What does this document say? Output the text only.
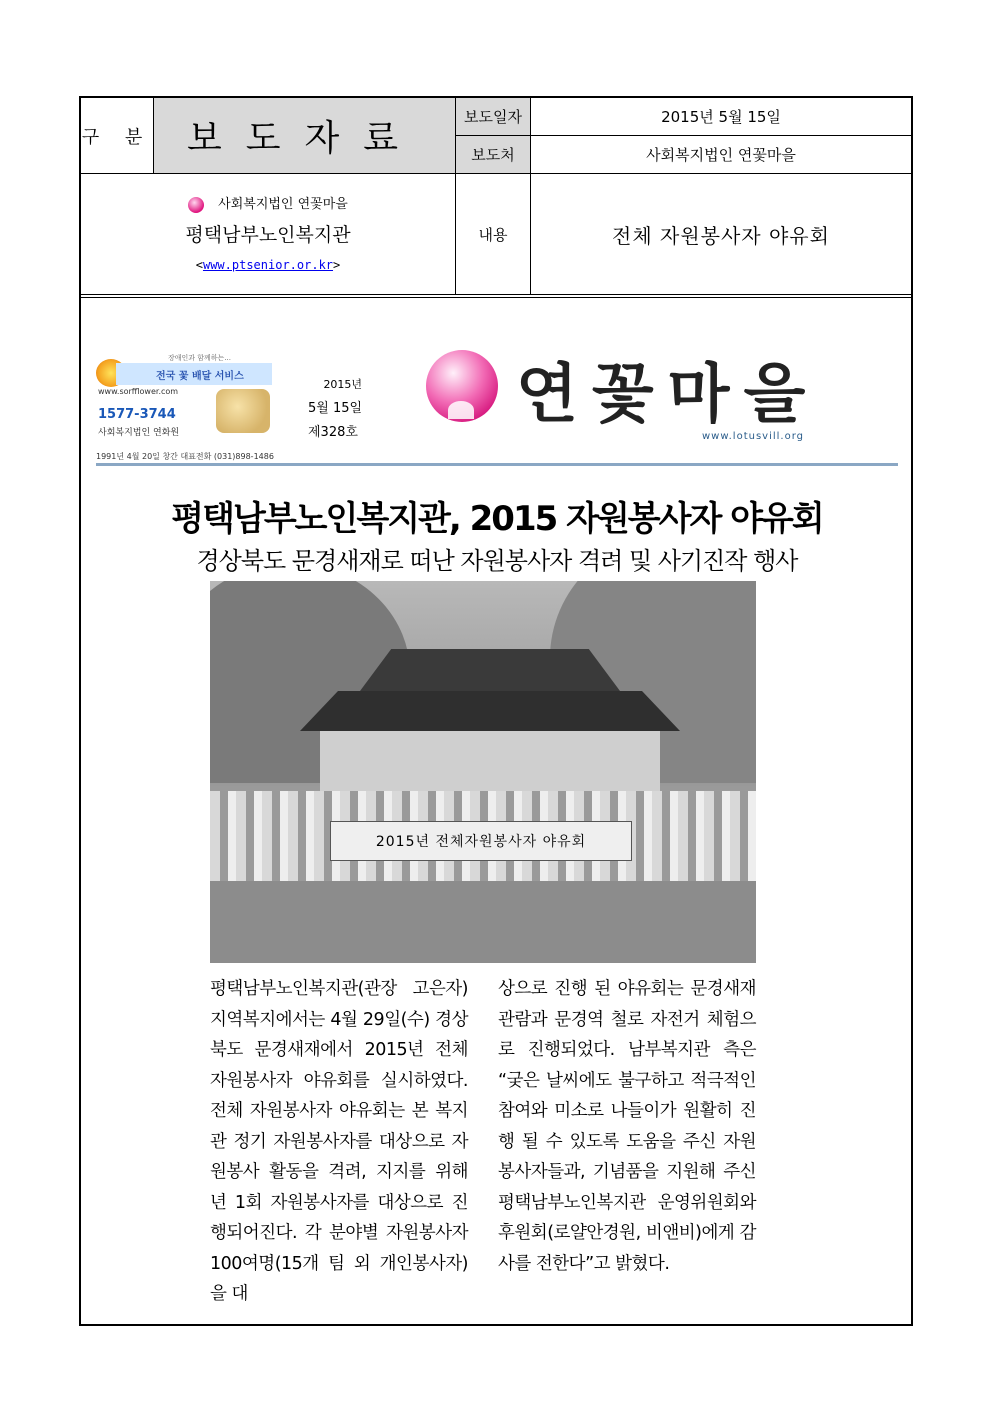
구 분 보도자료
보도일자	2015년 5월 15일
보도처	사회복지법인 연꽃마을
사회복지법인 연꽃마을
평택남부노인복지관
<www.ptsenior.or.kr>
내용	전체 자원봉사자 야유회
장애인과 함께하는...
전국 꽃 배달 서비스
www.sorfflower.com
1577-3744
사회복지법인 연화원
2015년
5월 15일
제328호
연꽃마을
www.lotusvill.org
1991년 4월 20일 창간 대표전화 (031)898-1486
평택남부노인복지관, 2015 자원봉사자 야유회
경상북도 문경새재로 떠난 자원봉사자 격려 및 사기진작 행사
2015년 전체자원봉사자 야유회
평택남부노인복지관(관장 고은자) 지역복지에서는 4월 29일(수) 경상북도 문경새재에서 2015년 전체 자원봉사자 야유회를 실시하였다. 전체 자원봉사자 야유회는 본 복지관 정기 자원봉사자를 대상으로 자원봉사 활동을 격려, 지지를 위해 년 1회 자원봉사자를 대상으로 진행되어진다. 각 분야별 자원봉사자 100여명(15개 팀 외 개인봉사자)을 대
상으로 진행 된 야유회는 문경새재 관람과 문경역 철로 자전거 체험으로 진행되었다. 남부복지관 측은 “궂은 날씨에도 불구하고 적극적인 참여와 미소로 나들이가 원활히 진행 될 수 있도록 도움을 주신 자원봉사자들과, 기념품을 지원해 주신 평택남부노인복지관 운영위원회와 후원회(로얄안경원, 비앤비)에게 감사를 전한다”고 밝혔다.
